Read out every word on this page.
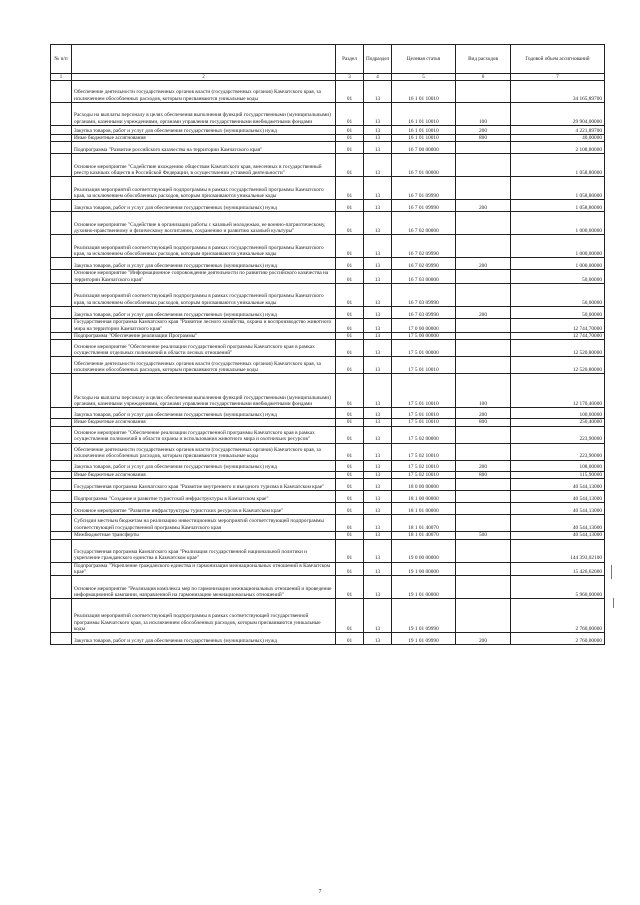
№ п/п		Раздел	Подраздел	Целевая статья	Вид расходов	Годовой объем ассигнований
1	2	3	4	5	6	7
	Обеспечение деятельности государственных органов власти (государственных органов) Камчатского края, за исключением обособленных расходов, которым присваиваются уникальные коды	01	13	16 1 01 10010		34 165,89700
	Расходы на выплаты персоналу в целях обеспечения выполнения функций государственными (муниципальными) органами, казенными учреждениями, органами управления государственными внебюджетными фондами	01	13	16 1 01 10010	100	29 904,00000
	Закупка товаров, работ и услуг для обеспечения государственных (муниципальных) нужд	01	13	16 1 01 10010	200	4 221,89700
	Иные бюджетные ассигнования	01	13	16 1 01 10010	800	40,00000
	Подпрограмма "Развитие российского казачества на территории Камчатского края"	01	13	16 7 00 00000		2 108,80000
	Основное мероприятие "Содействие вхождению обществам Камчатского края, внесенных в государственный реестр казачьих обществ в Российской Федерации, в осуществлении уставной деятельности"	01	13	16 7 01 00000		1 058,80000
	Реализация мероприятий соответствующей подпрограммы в рамках государственной программы Камчатского края, за исключением обособленных расходов, которым присваиваются уникальные коды	01	13	16 7 01 09990		1 058,80000
	Закупка товаров, работ и услуг для обеспечения государственных (муниципальных) нужд	01	13	16 7 01 09990	200	1 058,80000
	Основное мероприятие "Содействие в организации работы с казачьей молодежью, ее военно-патриотическому, духовно-нравственному и физическому воспитанию, сохранению и развитию казачьей культуры"	01	13	16 7 02 00000		1 000,00000
	Реализация мероприятий соответствующей подпрограммы в рамках государственной программы Камчатского края, за исключением обособленных расходов, которым присваиваются уникальные коды	01	13	16 7 02 09990		1 000,00000
	Закупка товаров, работ и услуг для обеспечения государственных (муниципальных) нужд	01	13	16 7 02 09990	200	1 000,00000
	Основное мероприятие "Информационное сопровождение деятельности по развитию российского казачества на территории Камчатского края"	01	13	16 7 03 00000		50,00000
	Реализация мероприятий соответствующей подпрограммы в рамках государственной программы Камчатского края, за исключением обособленных расходов, которым присваиваются уникальные коды	01	13	16 7 03 09990		50,00000
	Закупка товаров, работ и услуг для обеспечения государственных (муниципальных) нужд	01	13	16 7 03 09990	200	50,00000
	Государственная программа Камчатского края "Развитие лесного хозяйства, охрана и воспроизводство животного мира на территории Камчатского края"	01	13	17 0 00 00000		12 744,70000
	Подпрограмма "Обеспечение реализации Программы"	01	13	17 5 00 00000		12 744,70000
	Основное мероприятие "Обеспечение реализации государственной программы Камчатского края в рамках осуществления отдельных полномочий в области лесных отношений"	01	13	17 5 01 00000		12 520,80000
	Обеспечение деятельности государственных органов власти (государственных органов) Камчатского края, за исключением обособленных расходов, которым присваиваются уникальные коды	01	13	17 5 01 10010		12 520,80000
	Расходы на выплаты персоналу в целях обеспечения выполнения функций государственными (муниципальными) органами, казенными учреждениями, органами управления государственными внебюджетными фондами	01	13	17 5 01 10010	100	12 170,40000
	Закупка товаров, работ и услуг для обеспечения государственных (муниципальных) нужд	01	13	17 5 01 10010	200	100,00000
	Иные бюджетные ассигнования	01	13	17 5 01 10010	800	250,40000
	Основное мероприятие "Обеспечение реализации государственной программы Камчатского края в рамках осуществления полномочий в области охраны и использования животного мира и охотничьих ресурсов"	01	13	17 5 02 00000		223,90000
	Обеспечение деятельности государственных органов власти (государственных органов) Камчатского края, за исключением обособленных расходов, которым присваиваются уникальные коды	01	13	17 5 02 10010		223,90000
	Закупка товаров, работ и услуг для обеспечения государственных (муниципальных) нужд	01	13	17 5 02 10010	200	108,00000
	Иные бюджетные ассигнования	01	13	17 5 02 10010	800	115,90000
	Государственная программа Камчатского края "Развитие внутреннего и въездного туризма в Камчатском крае"	01	13	18 0 00 00000		40 544,13000
	Подпрограмма "Создание и развитие туристской инфраструктуры в Камчатском крае"	01	13	18 1 00 00000		40 544,13000
	Основное мероприятие "Развитие инфраструктуры туристских ресурсов в Камчатском крае"	01	13	18 1 01 00000		40 544,13000
	Субсидии местным бюджетам на реализацию инвестиционных мероприятий соответствующей подпрограммы соответствующей государственной программы Камчатского края	01	13	18 1 01 40070		40 544,13000
	Межбюджетные трансферты	01	13	18 1 01 40070	500	40 544,13000
	Государственная программа Камчатского края "Реализация государственной национальной политики и укрепление гражданского единства в Камчатском крае"	01	13	19 0 00 00000		144 393,02100
	Подпрограмма "Укрепление гражданского единства и гармонизация межнациональных отношений в Камчатском крае"	01	13	19 1 00 00000		15 426,62000
	Основное мероприятие "Реализация комплекса мер по гармонизации межнациональных отношений и проведение информационной кампании, направленной на гармонизацию межнациональных отношений"	01	13	19 1 01 00000		5 960,00000
	Реализация мероприятий соответствующей подпрограммы в рамках соответствующей государственной программы Камчатского края, за исключением обособленных расходов, которым присваиваются уникальные коды	01	13	19 1 01 09990		2 760,00000
	Закупка товаров, работ и услуг для обеспечения государственных (муниципальных) нужд	01	13	19 1 01 09990	200	2 760,00000
7
